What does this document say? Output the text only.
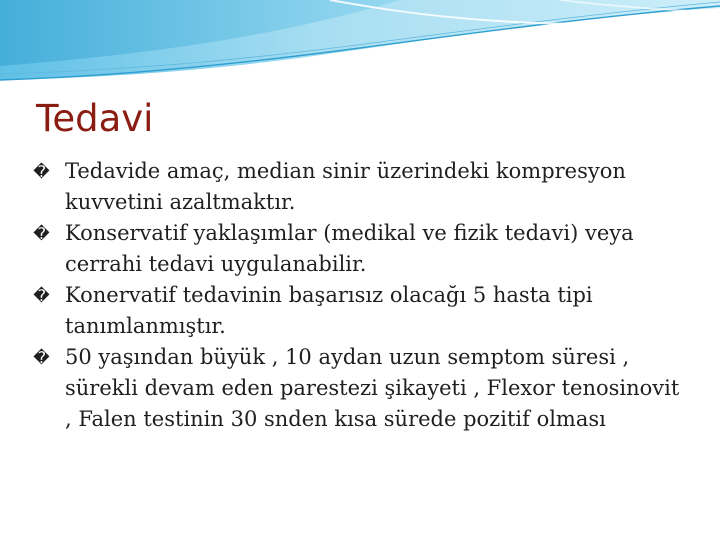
Tedavi
� Tedavide amaç, median sinir üzerindeki kompresyon kuvvetini azaltmaktır.
� Konservatif yaklaşımlar (medikal ve fizik tedavi) veya cerrahi tedavi uygulanabilir.
� Konervatif tedavinin başarısız olacağı 5 hasta tipi tanımlanmıştır.
� 50 yaşından büyük , 10 aydan uzun semptom süresi , sürekli devam eden parestezi şikayeti , Flexor tenosinovit , Falen testinin 30 snden kısa sürede pozitif olması
